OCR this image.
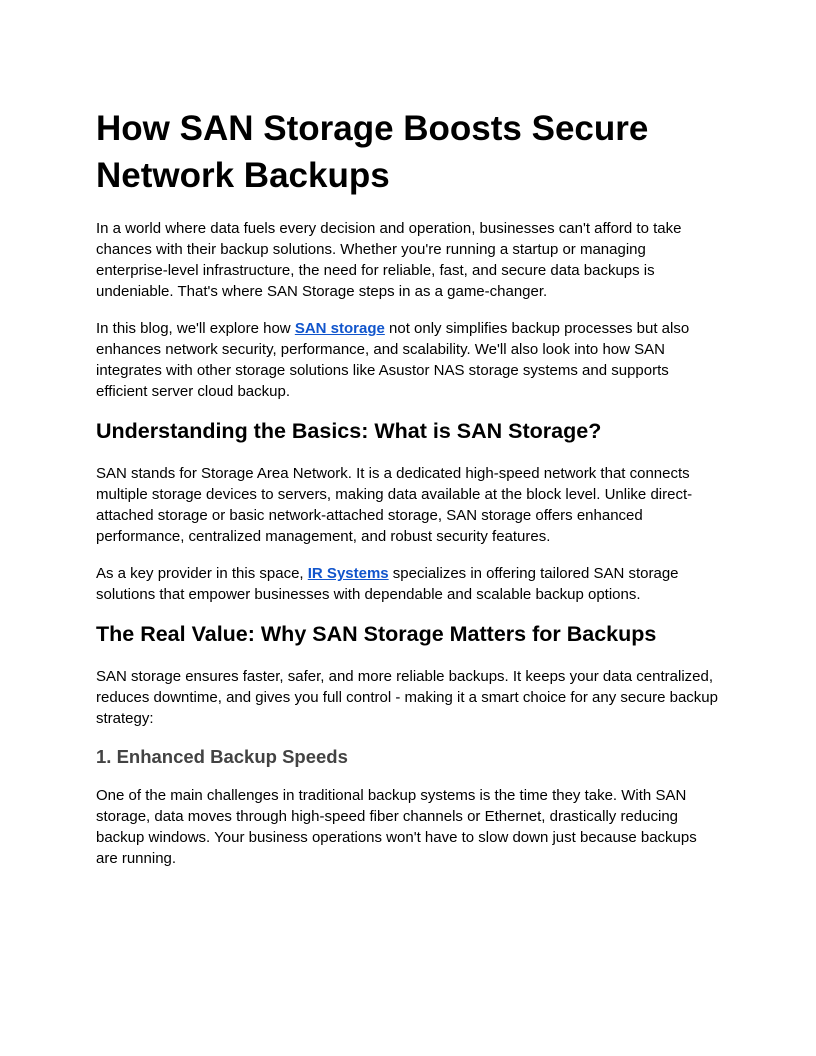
How SAN Storage Boosts Secure Network Backups

In a world where data fuels every decision and operation, businesses can't afford to take chances with their backup solutions. Whether you're running a startup or managing enterprise-level infrastructure, the need for reliable, fast, and secure data backups is undeniable. That's where SAN Storage steps in as a game-changer.

In this blog, we'll explore how SAN storage not only simplifies backup processes but also enhances network security, performance, and scalability. We'll also look into how SAN integrates with other storage solutions like Asustor NAS storage systems and supports efficient server cloud backup.

Understanding the Basics: What is SAN Storage?

SAN stands for Storage Area Network. It is a dedicated high-speed network that connects multiple storage devices to servers, making data available at the block level. Unlike direct-attached storage or basic network-attached storage, SAN storage offers enhanced performance, centralized management, and robust security features.

As a key provider in this space, IR Systems specializes in offering tailored SAN storage solutions that empower businesses with dependable and scalable backup options.

The Real Value: Why SAN Storage Matters for Backups

SAN storage ensures faster, safer, and more reliable backups. It keeps your data centralized, reduces downtime, and gives you full control - making it a smart choice for any secure backup strategy:

1. Enhanced Backup Speeds

One of the main challenges in traditional backup systems is the time they take. With SAN storage, data moves through high-speed fiber channels or Ethernet, drastically reducing backup windows. Your business operations won't have to slow down just because backups are running.
